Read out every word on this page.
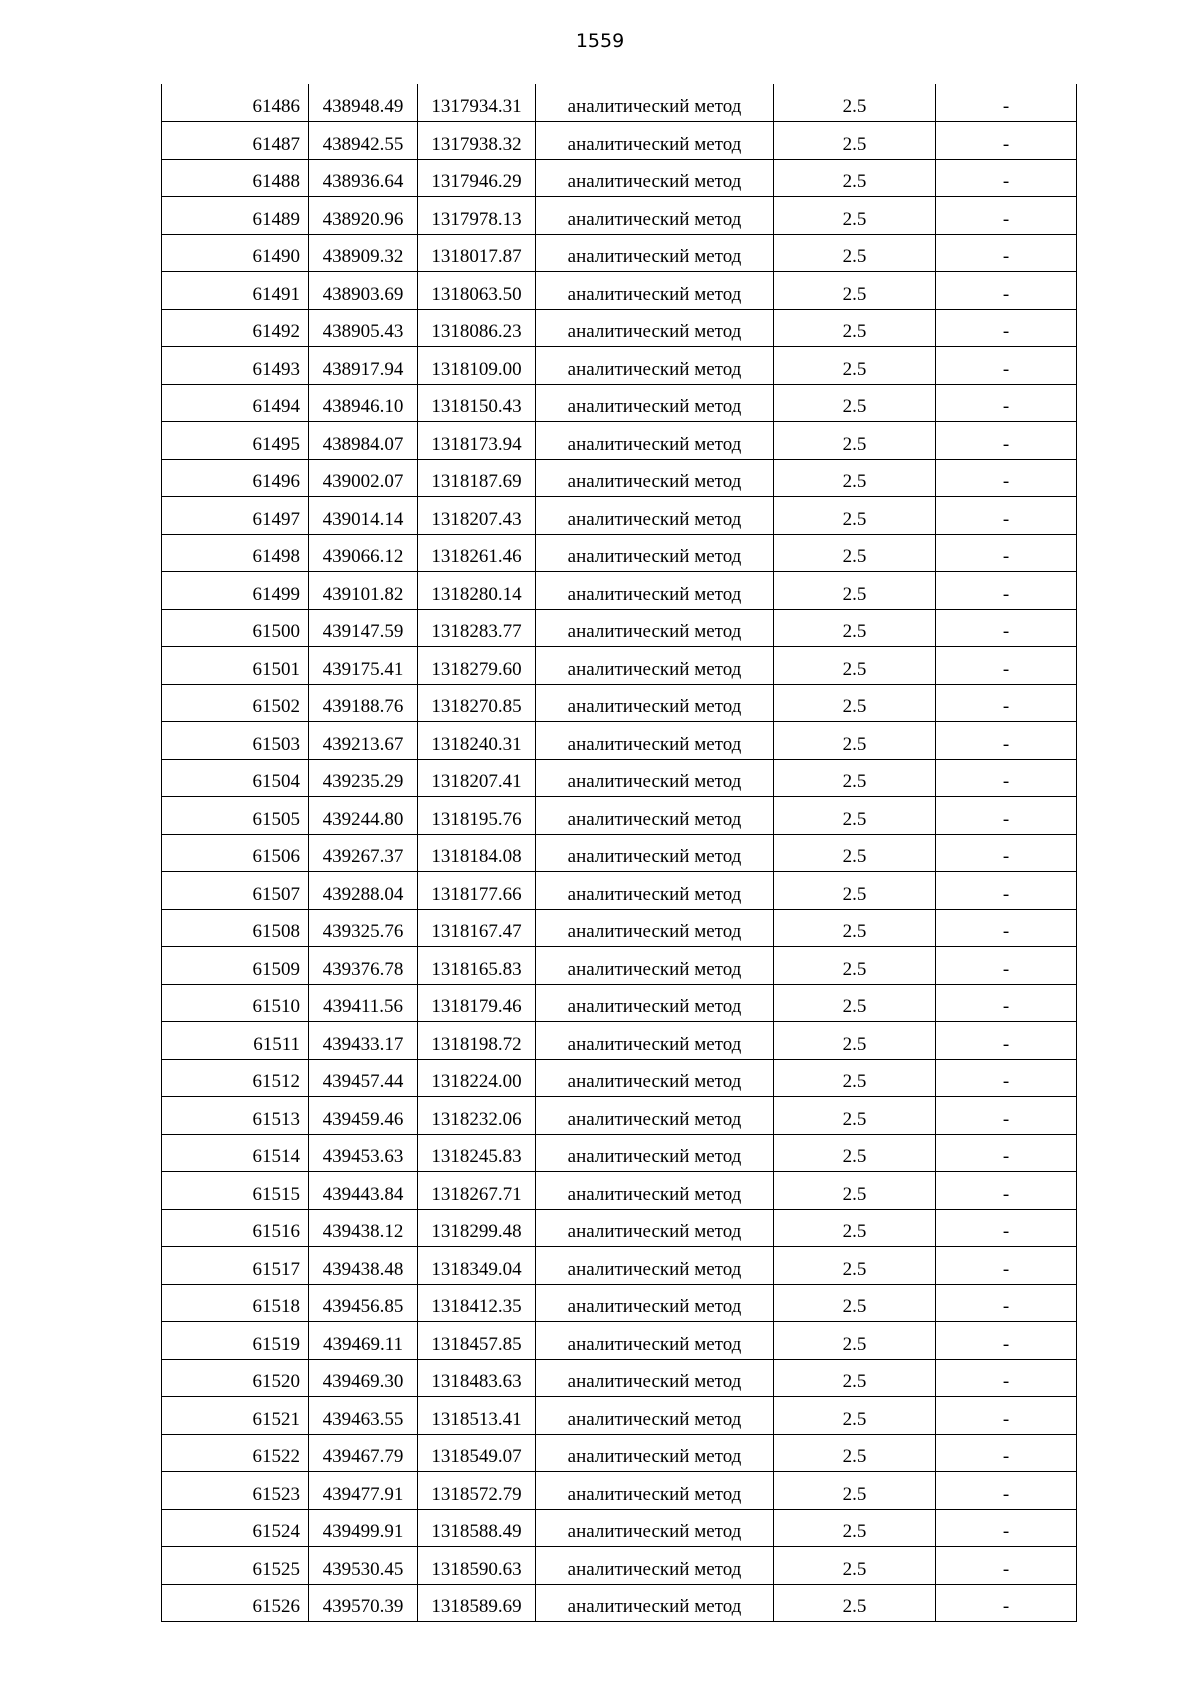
1559
61486	438948.49	1317934.31	аналитический метод	2.5	-
61487	438942.55	1317938.32	аналитический метод	2.5	-
61488	438936.64	1317946.29	аналитический метод	2.5	-
61489	438920.96	1317978.13	аналитический метод	2.5	-
61490	438909.32	1318017.87	аналитический метод	2.5	-
61491	438903.69	1318063.50	аналитический метод	2.5	-
61492	438905.43	1318086.23	аналитический метод	2.5	-
61493	438917.94	1318109.00	аналитический метод	2.5	-
61494	438946.10	1318150.43	аналитический метод	2.5	-
61495	438984.07	1318173.94	аналитический метод	2.5	-
61496	439002.07	1318187.69	аналитический метод	2.5	-
61497	439014.14	1318207.43	аналитический метод	2.5	-
61498	439066.12	1318261.46	аналитический метод	2.5	-
61499	439101.82	1318280.14	аналитический метод	2.5	-
61500	439147.59	1318283.77	аналитический метод	2.5	-
61501	439175.41	1318279.60	аналитический метод	2.5	-
61502	439188.76	1318270.85	аналитический метод	2.5	-
61503	439213.67	1318240.31	аналитический метод	2.5	-
61504	439235.29	1318207.41	аналитический метод	2.5	-
61505	439244.80	1318195.76	аналитический метод	2.5	-
61506	439267.37	1318184.08	аналитический метод	2.5	-
61507	439288.04	1318177.66	аналитический метод	2.5	-
61508	439325.76	1318167.47	аналитический метод	2.5	-
61509	439376.78	1318165.83	аналитический метод	2.5	-
61510	439411.56	1318179.46	аналитический метод	2.5	-
61511	439433.17	1318198.72	аналитический метод	2.5	-
61512	439457.44	1318224.00	аналитический метод	2.5	-
61513	439459.46	1318232.06	аналитический метод	2.5	-
61514	439453.63	1318245.83	аналитический метод	2.5	-
61515	439443.84	1318267.71	аналитический метод	2.5	-
61516	439438.12	1318299.48	аналитический метод	2.5	-
61517	439438.48	1318349.04	аналитический метод	2.5	-
61518	439456.85	1318412.35	аналитический метод	2.5	-
61519	439469.11	1318457.85	аналитический метод	2.5	-
61520	439469.30	1318483.63	аналитический метод	2.5	-
61521	439463.55	1318513.41	аналитический метод	2.5	-
61522	439467.79	1318549.07	аналитический метод	2.5	-
61523	439477.91	1318572.79	аналитический метод	2.5	-
61524	439499.91	1318588.49	аналитический метод	2.5	-
61525	439530.45	1318590.63	аналитический метод	2.5	-
61526	439570.39	1318589.69	аналитический метод	2.5	-
